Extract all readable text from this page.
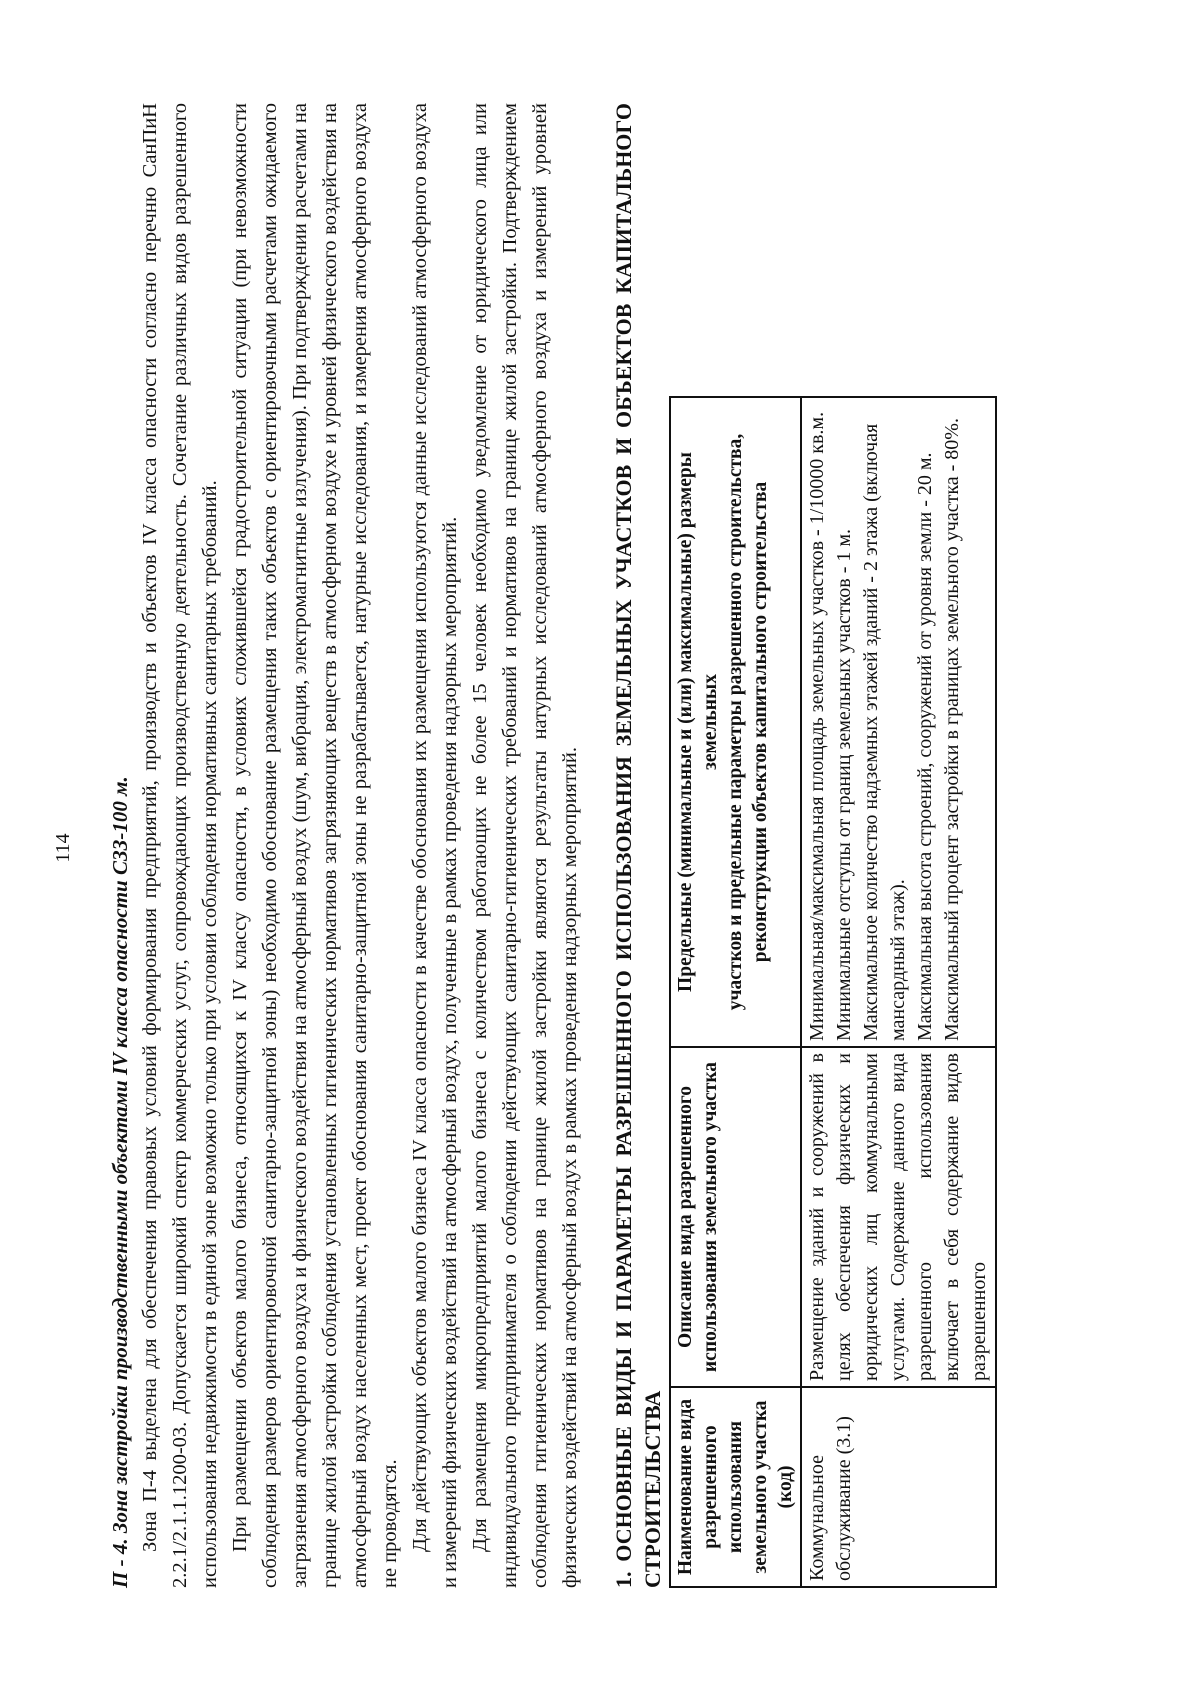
114 П - 4. Зона застройки производственными объектами IV класса опасности СЗЗ-100 м. Зона П-4 выделена для обеспечения правовых условий формирования предприятий, производств и объектов IV класса опасности согласно перечню СанПиН 2.2.1/2.1.1.1200-03. Допускается широкий спектр коммерческих услуг, сопровождающих производственную деятельность. Сочетание различных видов разрешенного использования недвижимости в единой зоне возможно только при условии соблюдения нормативных санитарных требований. При размещении объектов малого бизнеса, относящихся к IV классу опасности, в условиях сложившейся градостроительной ситуации (при невозможности соблюдения размеров ориентировочной санитарно-защитной зоны) необходимо обоснование размещения таких объектов с ориентировочными расчетами ожидаемого загрязнения атмосферного воздуха и физического воздействия на атмосферный воздух (шум, вибрация, электромагнитные излучения). При подтверждении расчетами на границе жилой застройки соблюдения установленных гигиенических нормативов загрязняющих веществ в атмосферном воздухе и уровней физического воздействия на атмосферный воздух населенных мест, проект обоснования санитарно-защитной зоны не разрабатывается, натурные исследования, и измерения атмосферного воздуха не проводятся. Для действующих объектов малого бизнеса IV класса опасности в качестве обоснования их размещения используются данные исследований атмосферного воздуха и измерений физических воздействий на атмосферный воздух, полученные в рамках проведения надзорных мероприятий. Для размещения микропредприятий малого бизнеса с количеством работающих не более 15 человек необходимо уведомление от юридического лица или индивидуального предпринимателя о соблюдении действующих санитарно-гигиенических требований и нормативов на границе жилой застройки. Подтверждением соблюдения гигиенических нормативов на границе жилой застройки являются результаты натурных исследований атмосферного воздуха и измерений уровней физических воздействий на атмосферный воздух в рамках проведения надзорных мероприятий. 1. ОСНОВНЫЕ ВИДЫ И ПАРАМЕТРЫ РАЗРЕШЕННОГО ИСПОЛЬЗОВАНИЯ ЗЕМЕЛЬНЫХ УЧАСТКОВ И ОБЪЕКТОВ КАПИТАЛЬНОГО СТРОИТЕЛЬСТВА Наименование вида разрешенного использования земельного участка (код)	Описание вида разрешенного использования земельного участка	Предельные (минимальные и (или) максимальные) размеры земельных участков и предельные параметры разрешенного строительства, реконструкции объектов капитального строительства

Коммунальное обслуживание (3.1)	Размещение зданий и сооружений в целях обеспечения физических и юридических лиц коммунальными услугами. Содержание данного вида разрешенного использования включает в себя содержание видов разрешенного	Минимальная/максимальная площадь земельных участков - 1/10000 кв.м. Минимальные отступы от границ земельных участков - 1 м. Максимальное количество надземных этажей зданий - 2 этажа (включая мансардный этаж). Максимальная высота строений, сооружений от уровня земли - 20 м. Максимальный процент застройки в границах земельного участка - 80%.
